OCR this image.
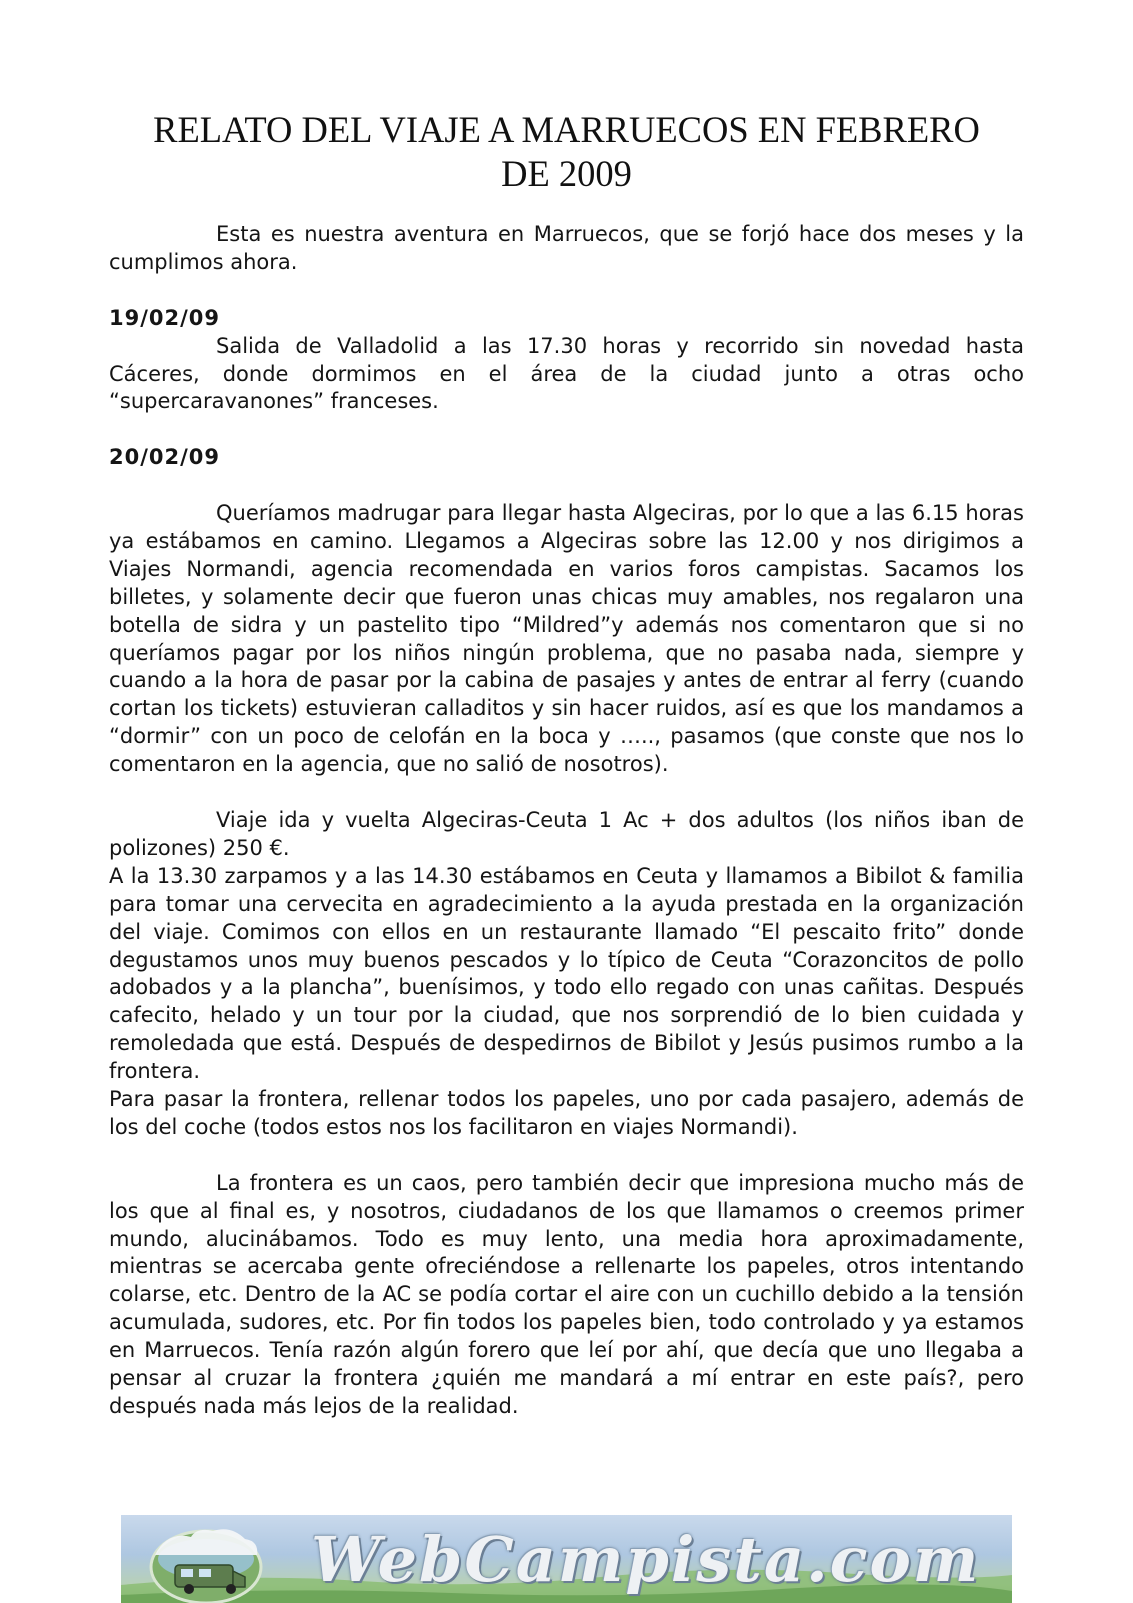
RELATO DEL VIAJE A MARRUECOS EN FEBRERO
DE 2009

Esta es nuestra aventura en Marruecos, que se forjó hace dos meses y la cumplimos ahora.

19/02/09

Salida de Valladolid a las 17.30 horas y recorrido sin novedad hasta Cáceres, donde dormimos en el área de la ciudad junto a otras ocho “supercaravanones” franceses.

20/02/09

Queríamos madrugar para llegar hasta Algeciras, por lo que a las 6.15 horas ya estábamos en camino. Llegamos a Algeciras sobre las 12.00 y nos dirigimos a Viajes Normandi, agencia recomendada en varios foros campistas. Sacamos los billetes, y solamente decir que fueron unas chicas muy amables, nos regalaron una botella de sidra y un pastelito tipo “Mildred”y además nos comentaron que si no queríamos pagar por los niños ningún problema, que no pasaba nada, siempre y cuando a la hora de pasar por la cabina de pasajes y antes de entrar al ferry (cuando cortan los tickets) estuvieran calladitos y sin hacer ruidos, así es que los mandamos a “dormir” con un poco de celofán en la boca y ….., pasamos (que conste que nos lo comentaron en la agencia, que no salió de nosotros).

Viaje ida y vuelta Algeciras-Ceuta 1 Ac + dos adultos (los niños iban de polizones) 250 €.

A la 13.30 zarpamos y a las 14.30 estábamos en Ceuta y llamamos a Bibilot & familia para tomar una cervecita en agradecimiento a la ayuda prestada en la organización del viaje. Comimos con ellos en un restaurante llamado “El pescaito frito” donde degustamos unos muy buenos pescados y lo típico de Ceuta “Corazoncitos de pollo adobados y a la plancha”, buenísimos, y todo ello regado con unas cañitas. Después cafecito, helado y un tour por la ciudad, que nos sorprendió de lo bien cuidada y remoledada que está. Después de despedirnos de Bibilot y Jesús pusimos rumbo a la frontera.

Para pasar la frontera, rellenar todos los papeles, uno por cada pasajero, además de los del coche (todos estos nos los facilitaron en viajes Normandi).

La frontera es un caos, pero también decir que impresiona mucho más de los que al final es, y nosotros, ciudadanos de los que llamamos o creemos primer mundo, alucinábamos. Todo es muy lento, una media hora aproximadamente, mientras se acercaba gente ofreciéndose a rellenarte los papeles, otros intentando colarse, etc. Dentro de la AC se podía cortar el aire con un cuchillo debido a la tensión acumulada, sudores, etc. Por fin todos los papeles bien, todo controlado y ya estamos en Marruecos. Tenía razón algún forero que leí por ahí, que decía que uno llegaba a pensar al cruzar la frontera ¿quién me mandará a mí entrar en este país?, pero después nada más lejos de la realidad.

WebCampista.com
